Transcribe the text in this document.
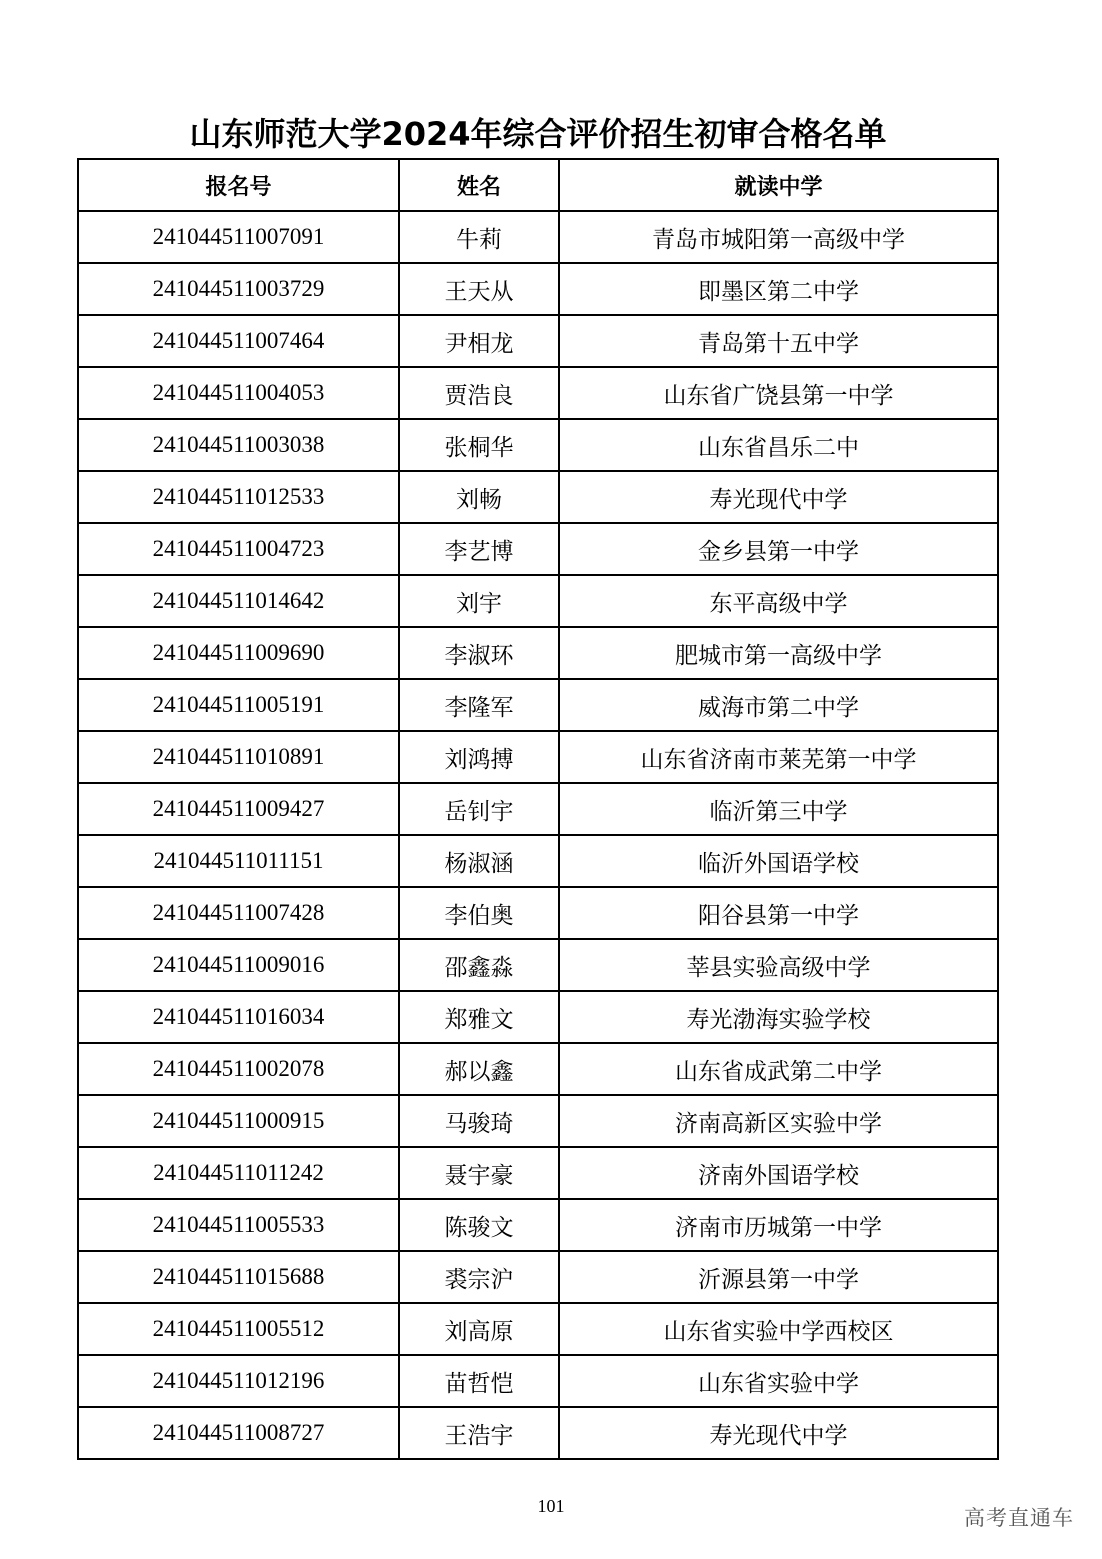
山东师范大学2024年综合评价招生初审合格名单
报名号	姓名	就读中学
241044511007091	牛莉	青岛市城阳第一高级中学
241044511003729	王天从	即墨区第二中学
241044511007464	尹相龙	青岛第十五中学
241044511004053	贾浩良	山东省广饶县第一中学
241044511003038	张桐华	山东省昌乐二中
241044511012533	刘畅	寿光现代中学
241044511004723	李艺博	金乡县第一中学
241044511014642	刘宇	东平高级中学
241044511009690	李淑环	肥城市第一高级中学
241044511005191	李隆军	威海市第二中学
241044511010891	刘鸿搏	山东省济南市莱芜第一中学
241044511009427	岳钊宇	临沂第三中学
241044511011151	杨淑涵	临沂外国语学校
241044511007428	李伯奥	阳谷县第一中学
241044511009016	邵鑫淼	莘县实验高级中学
241044511016034	郑雅文	寿光渤海实验学校
241044511002078	郝以鑫	山东省成武第二中学
241044511000915	马骏琦	济南高新区实验中学
241044511011242	聂宇豪	济南外国语学校
241044511005533	陈骏文	济南市历城第一中学
241044511015688	裘宗沪	沂源县第一中学
241044511005512	刘高原	山东省实验中学西校区
241044511012196	苗哲恺	山东省实验中学
241044511008727	王浩宇	寿光现代中学
101	高考直通车
